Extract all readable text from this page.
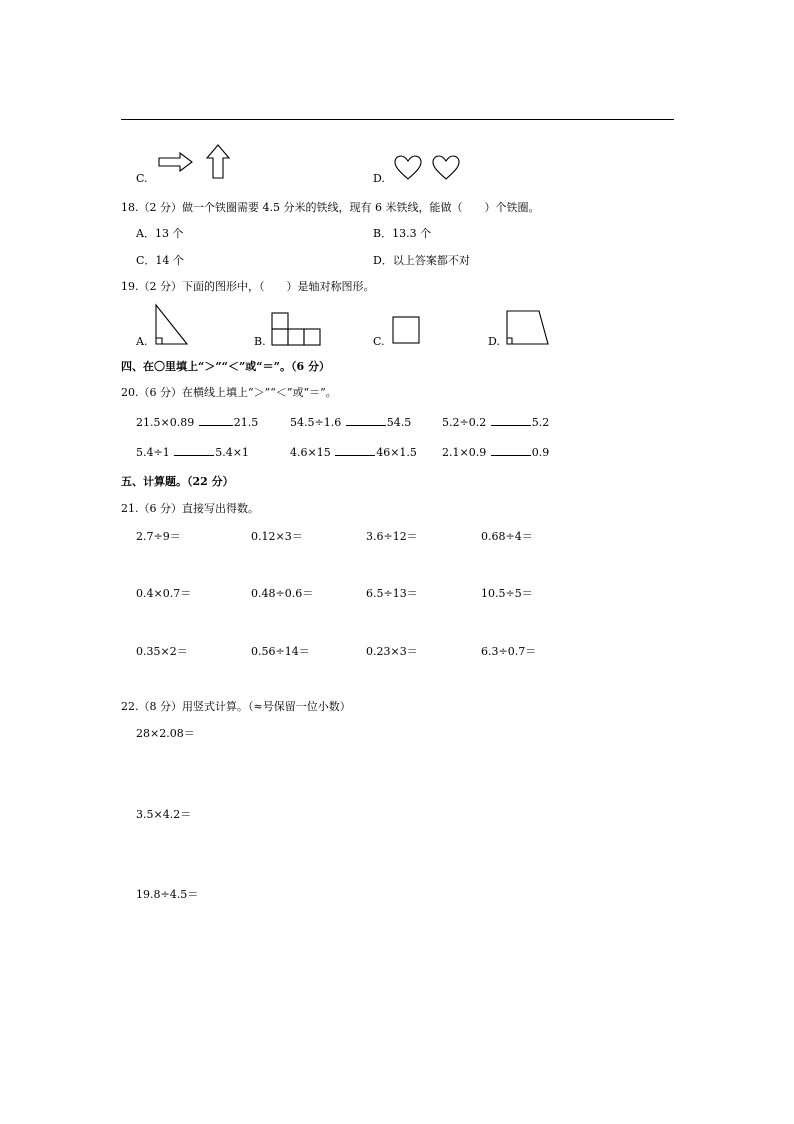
C.	D.
18.（2 分）做一个铁圈需要 4.5 分米的铁线，现有 6 米铁线，能做（　　）个铁圈。
A．13 个	B．13.3 个
C．14 个	D．以上答案都不对
19.（2 分）下面的图形中，（　　）是轴对称图形。
A.	B.	C.	D.
四、在〇里填上“＞”“＜”或“＝”。（6 分）
20.（6 分）在横线上填上“＞”“＜”或“＝”。
21.5×0.89	21.5	54.5÷1.6	54.5	5.2÷0.2	5.2
5.4÷1	5.4×1	4.6×15	46×1.5 2.1×0.9	0.9
五、计算题。（22 分）
21.（6 分）直接写出得数。
2.7÷9＝	0.12×3＝	3.6÷12＝	0.68÷4＝
0.4×0.7＝	0.48÷0.6＝	6.5÷13＝	10.5÷5＝
0.35×2＝	0.56÷14＝	0.23×3＝	6.3÷0.7＝
22.（8 分）用竖式计算。（≈号保留一位小数）
28×2.08＝
3.5×4.2＝
19.8÷4.5＝
